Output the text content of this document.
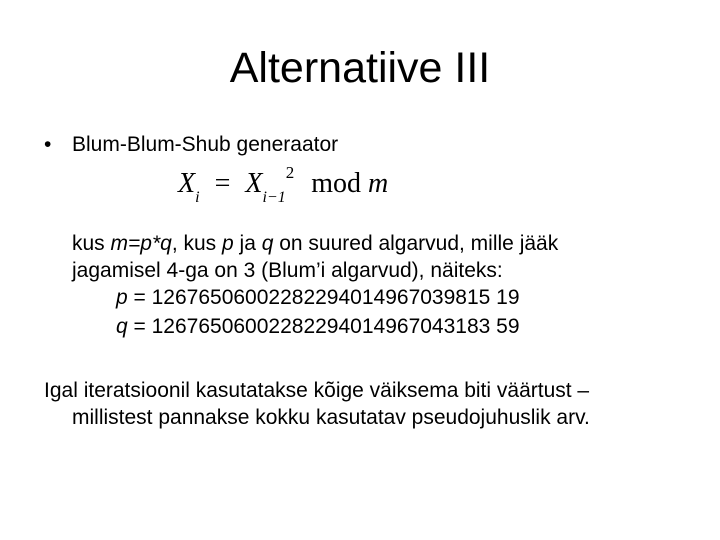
Alternatiive III
• Blum-Blum-Shub generaator
$X_i = X_{i-1}^2$ mod m
kus m=p*q, kus p ja q on suured algarvud, mille jääk
jagamisel 4-ga on 3 (Blum’i algarvud), näiteks:
p = 12676506002282294014967039815 19
q = 12676506002282294014967043183 59
Igal iteratsioonil kasutatakse kõige väiksema biti väärtust –
millistest pannakse kokku kasutatav pseudojuhuslik arv.
